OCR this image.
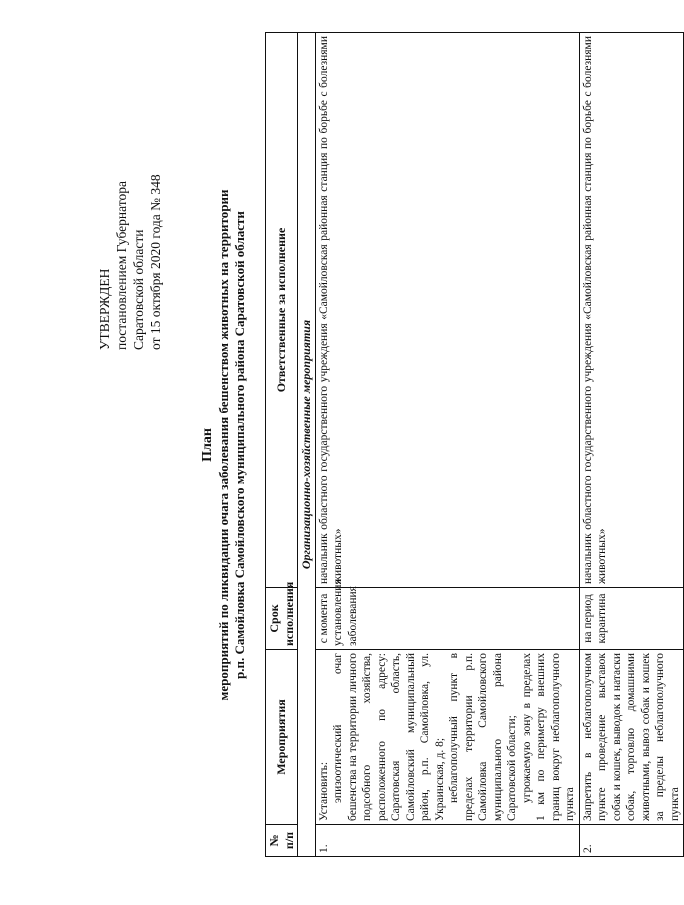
УТВЕРЖДЕН постановлением Губернатора Саратовской области от 15 октября 2020 года № 348
План мероприятий по ликвидации очага заболевания бешенством животных на территории р.п. Самойловка Самойловского муниципального района Саратовской области
№ п/п	Мероприятия	Срок исполнения	Ответственные за исполнение
Организационно-хозяйственные мероприятия			
1.	Установить: эпизоотический очаг бешенства на территории личного подсобного хозяйства, расположенного по адресу: Саратовская область, Самойловский муниципальный район, р.п. Самойловка, ул. Украинская, д. 8; неблагополучный пункт в пределах территории р.п. Самойловка Самойловского муниципального района Саратовской области; угрожаемую зону в пределах 1 км по периметру внешних границ вокруг неблагополучного пункта	с момента установления заболевания	начальник областного государственного учреждения «Самойловская районная станция по борьбе с болезнями животных»
2.	Запретить в неблагополучном пункте проведение выставок собак и кошек, выводок и натаски собак, торговлю домашними животными, вывоз собак и кошек за пределы неблагополучного пункта	на период карантина	начальник областного государственного учреждения «Самойловская районная станция по борьбе с болезнями животных»
